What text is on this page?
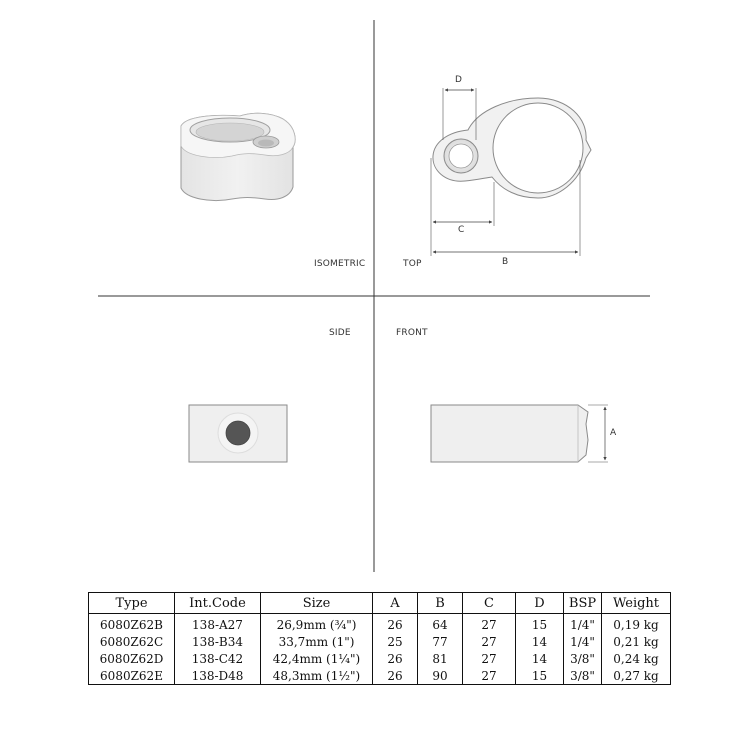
ISOMETRIC	TOP
SIDE	FRONT
D
C
B
A
Type	Int.Code	Size	A	B	C	D	BSP	Weight
6080Z62B	138-A27	26,9mm (¾")	26	64	27	15	1/4"	0,19 kg
6080Z62C	138-B34	33,7mm (1")	25	77	27	14	1/4"	0,21 kg
6080Z62D	138-C42	42,4mm (1¼")	26	81	27	14	3/8"	0,24 kg
6080Z62E	138-D48	48,3mm (1½")	26	90	27	15	3/8"	0,27 kg
